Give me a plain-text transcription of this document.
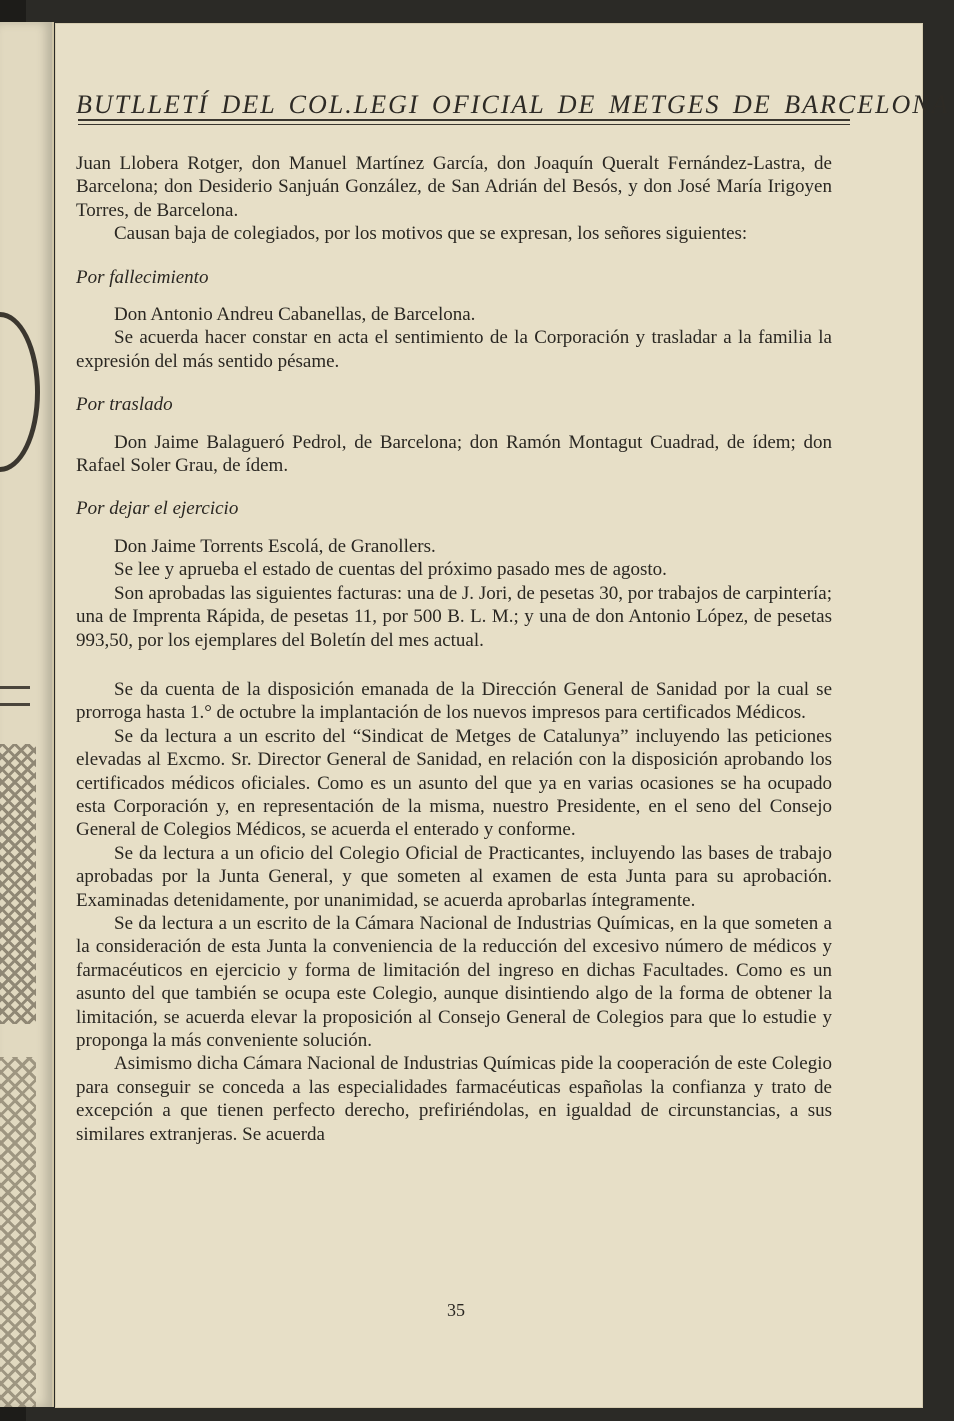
BUTLLETÍ DEL COL.LEGI OFICIAL DE METGES DE BARCELONA

Juan Llobera Rotger, don Manuel Martínez García, don Joaquín Queralt Fernández-Lastra, de Barcelona; don Desiderio Sanjuán González, de San Adrián del Besós, y don José María Irigoyen Torres, de Barcelona.

Causan baja de colegiados, por los motivos que se expresan, los señores siguientes:

Por fallecimiento

Don Antonio Andreu Cabanellas, de Barcelona.

Se acuerda hacer constar en acta el sentimiento de la Corporación y trasladar a la familia la expresión del más sentido pésame.

Por traslado

Don Jaime Balagueró Pedrol, de Barcelona; don Ramón Montagut Cuadrad, de ídem; don Rafael Soler Grau, de ídem.

Por dejar el ejercicio

Don Jaime Torrents Escolá, de Granollers.

Se lee y aprueba el estado de cuentas del próximo pasado mes de agosto.

Son aprobadas las siguientes facturas: una de J. Jori, de pesetas 30, por trabajos de carpintería; una de Imprenta Rápida, de pesetas 11, por 500 B. L. M.; y una de don Antonio López, de pesetas 993,50, por los ejemplares del Boletín del mes actual.

Se da cuenta de la disposición emanada de la Dirección General de Sanidad por la cual se prorroga hasta 1.° de octubre la implantación de los nuevos impresos para certificados Médicos.

Se da lectura a un escrito del “Sindicat de Metges de Catalunya” incluyendo las peticiones elevadas al Excmo. Sr. Director General de Sanidad, en relación con la disposición aprobando los certificados médicos oficiales. Como es un asunto del que ya en varias ocasiones se ha ocupado esta Corporación y, en representación de la misma, nuestro Presidente, en el seno del Consejo General de Colegios Médicos, se acuerda el enterado y conforme.

Se da lectura a un oficio del Colegio Oficial de Practicantes, incluyendo las bases de trabajo aprobadas por la Junta General, y que someten al examen de esta Junta para su aprobación. Examinadas detenidamente, por unanimidad, se acuerda aprobarlas íntegramente.

Se da lectura a un escrito de la Cámara Nacional de Industrias Químicas, en la que someten a la consideración de esta Junta la conveniencia de la reducción del excesivo número de médicos y farmacéuticos en ejercicio y forma de limitación del ingreso en dichas Facultades. Como es un asunto del que también se ocupa este Colegio, aunque disintiendo algo de la forma de obtener la limitación, se acuerda elevar la proposición al Consejo General de Colegios para que lo estudie y proponga la más conveniente solución.

Asimismo dicha Cámara Nacional de Industrias Químicas pide la cooperación de este Colegio para conseguir se conceda a las especialidades farmacéuticas españolas la confianza y trato de excepción a que tienen perfecto derecho, prefiriéndolas, en igualdad de circunstancias, a sus similares extranjeras. Se acuerda

35
